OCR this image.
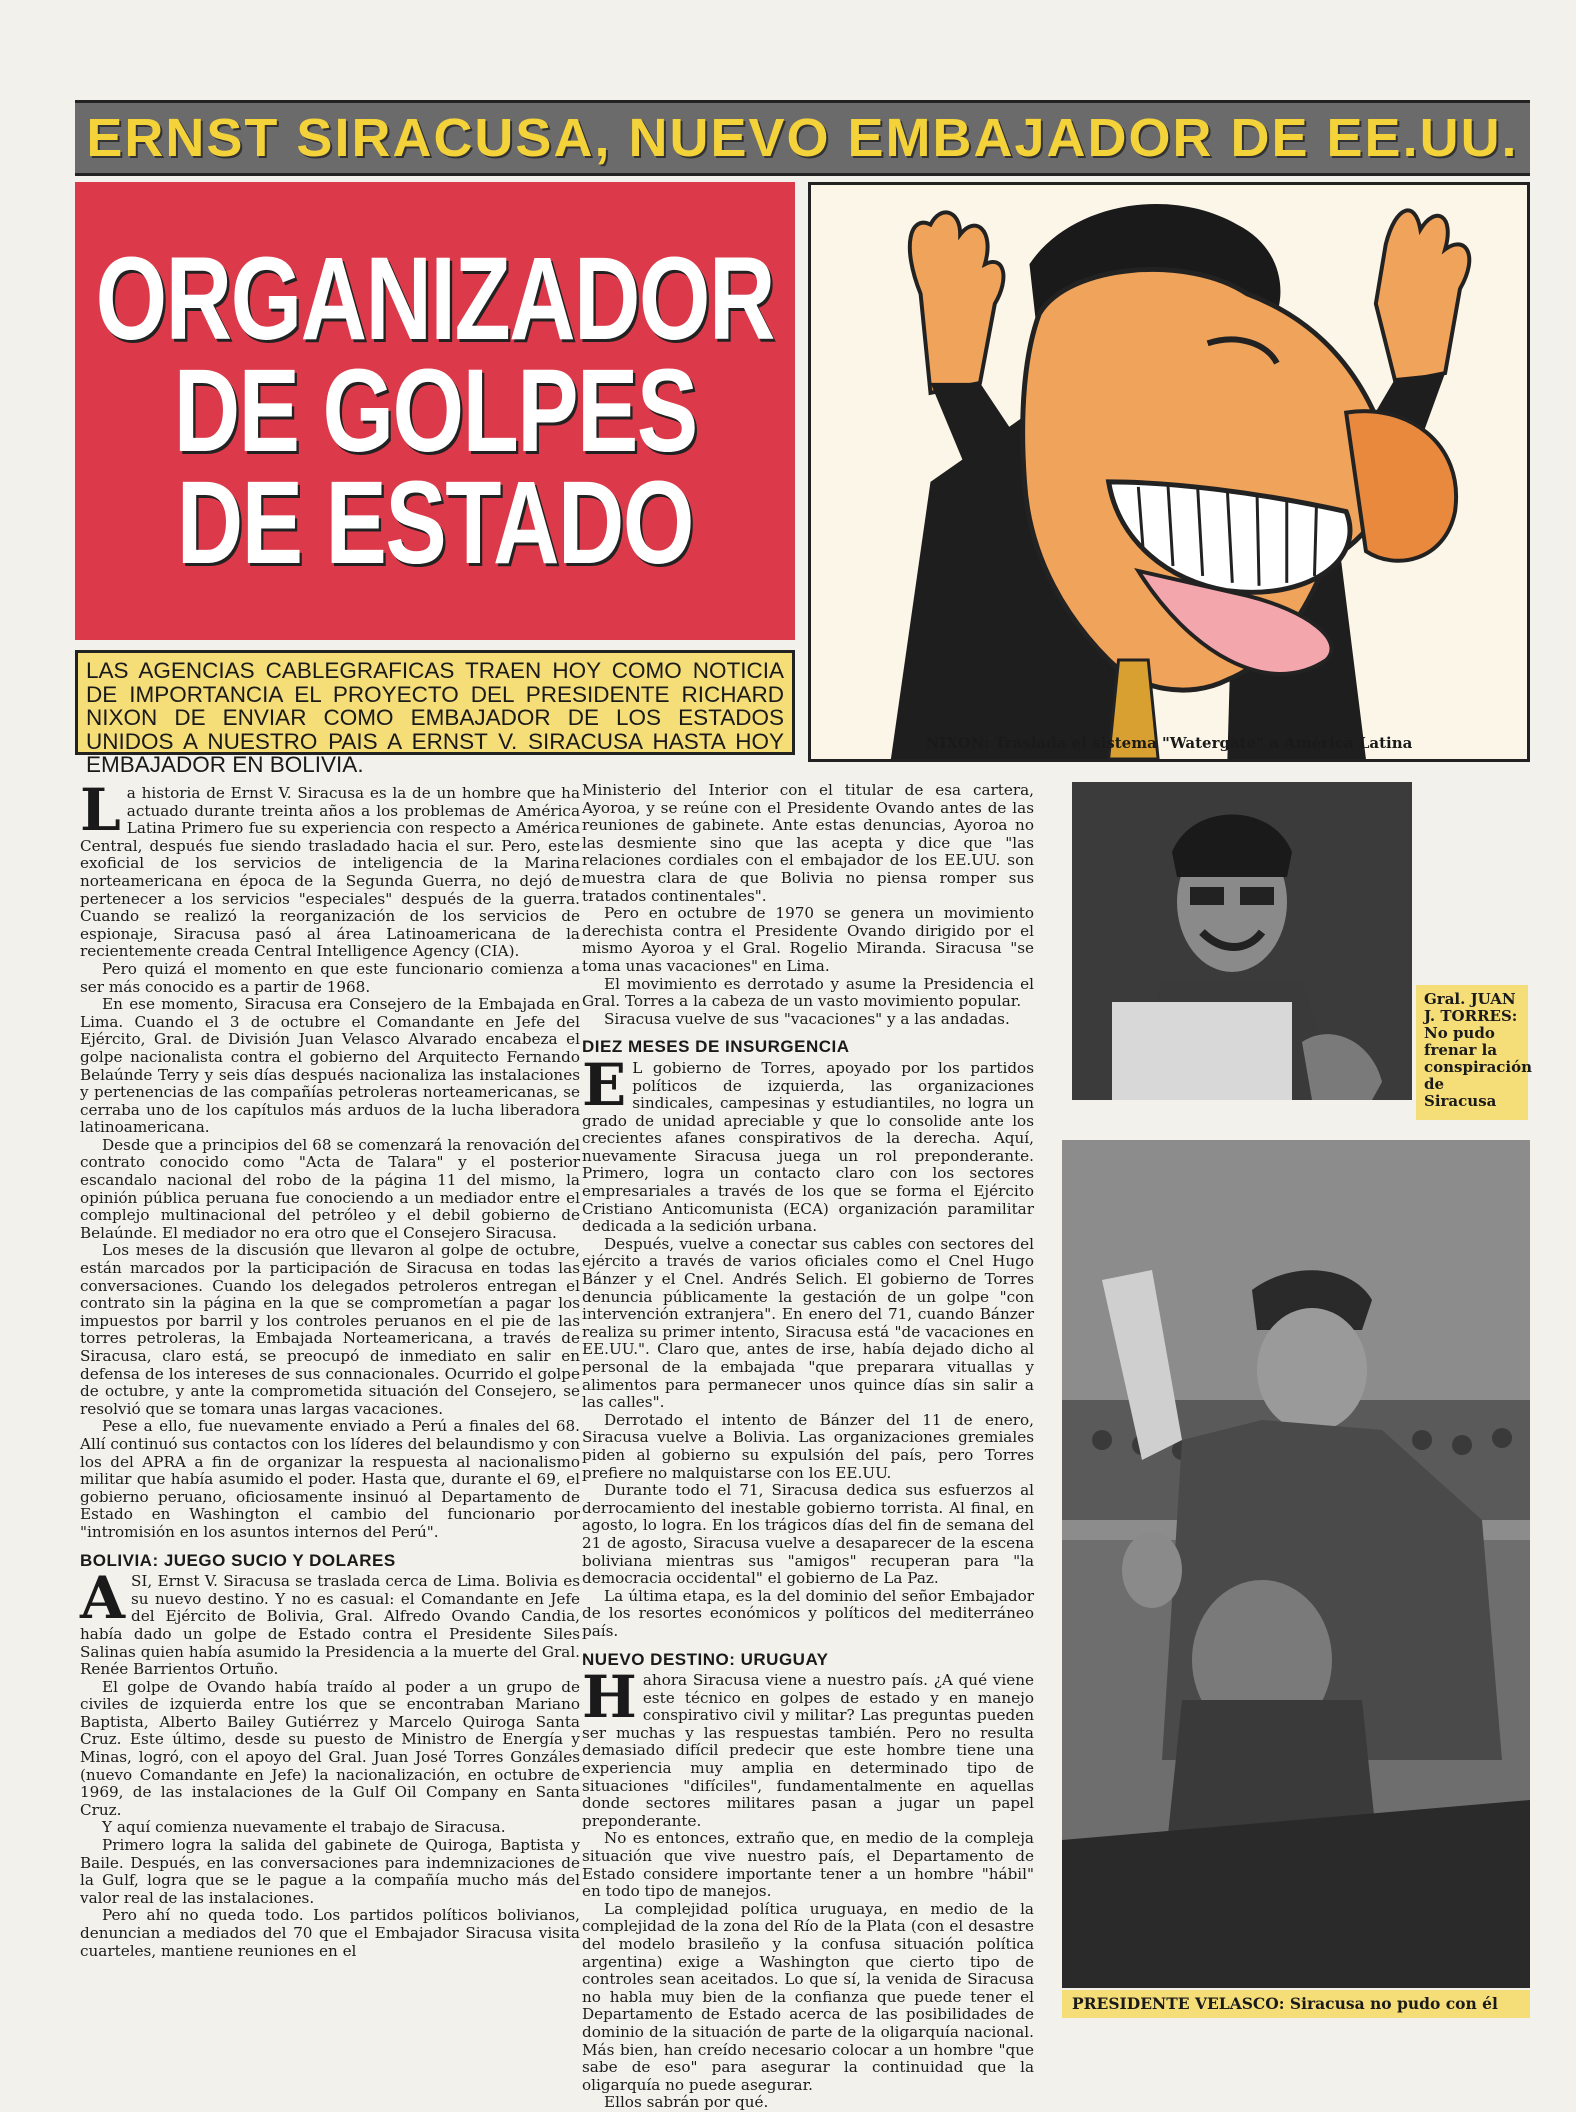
ERNST SIRACUSA, NUEVO EMBAJADOR DE EE.UU.
ORGANIZADOR
DE GOLPES
DE ESTADO
LAS AGENCIAS CABLEGRAFICAS TRAEN HOY COMO NOTICIA DE IMPORTANCIA EL PROYECTO DEL PRESIDENTE RICHARD NIXON DE ENVIAR COMO EMBAJADOR DE LOS ESTADOS UNIDOS A NUESTRO PAIS A ERNST V. SIRACUSA HASTA HOY EMBAJADOR EN BOLIVIA.
NIXON: Traslada el sistema "Watergate" a América Latina

La historia de Ernst V. Siracusa es la de un hombre que ha actuado durante treinta años a los problemas de América Latina Primero fue su experiencia con respecto a América Central, después fue siendo trasladado hacia el sur. Pero, este exoficial de los servicios de inteligencia de la Marina norteamericana en época de la Segunda Guerra, no dejó de pertenecer a los servicios "especiales" después de la guerra. Cuando se realizó la reorganización de los servicios de espionaje, Siracusa pasó al área Latinoamericana de la recientemente creada Central Intelligence Agency (CIA).

Pero quizá el momento en que este funcionario comienza a ser más conocido es a partir de 1968.

En ese momento, Siracusa era Consejero de la Embajada en Lima. Cuando el 3 de octubre el Comandante en Jefe del Ejército, Gral. de División Juan Velasco Alvarado encabeza el golpe nacionalista contra el gobierno del Arquitecto Fernando Belaúnde Terry y seis días después nacionaliza las instalaciones y pertenencias de las compañías petroleras norteamericanas, se cerraba uno de los capítulos más arduos de la lucha liberadora latinoamericana.

Desde que a principios del 68 se comenzará la renovación del contrato conocido como "Acta de Talara" y el posterior escandalo nacional del robo de la página 11 del mismo, la opinión pública peruana fue conociendo a un mediador entre el complejo multinacional del petróleo y el debil gobierno de Belaúnde. El mediador no era otro que el Consejero Siracusa.

Los meses de la discusión que llevaron al golpe de octubre, están marcados por la participación de Siracusa en todas las conversaciones. Cuando los delegados petroleros entregan el contrato sin la página en la que se comprometían a pagar los impuestos por barril y los controles peruanos en el pie de las torres petroleras, la Embajada Norteamericana, a través de Siracusa, claro está, se preocupó de inmediato en salir en defensa de los intereses de sus connacionales. Ocurrido el golpe de octubre, y ante la comprometida situación del Consejero, se resolvió que se tomara unas largas vacaciones.

Pese a ello, fue nuevamente enviado a Perú a finales del 68. Allí continuó sus contactos con los líderes del belaundismo y con los del APRA a fin de organizar la respuesta al nacionalismo militar que había asumido el poder. Hasta que, durante el 69, el gobierno peruano, oficiosamente insinuó al Departamento de Estado en Washington el cambio del funcionario por "intromisión en los asuntos internos del Perú".

BOLIVIA: JUEGO SUCIO Y DOLARES

ASI, Ernst V. Siracusa se traslada cerca de Lima. Bolivia es su nuevo destino. Y no es casual: el Comandante en Jefe del Ejército de Bolivia, Gral. Alfredo Ovando Candia, había dado un golpe de Estado contra el Presidente Siles Salinas quien había asumido la Presidencia a la muerte del Gral. Renée Barrientos Ortuño.

El golpe de Ovando había traído al poder a un grupo de civiles de izquierda entre los que se encontraban Mariano Baptista, Alberto Bailey Gutiérrez y Marcelo Quiroga Santa Cruz. Este último, desde su puesto de Ministro de Energía y Minas, logró, con el apoyo del Gral. Juan José Torres Gonzáles (nuevo Comandante en Jefe) la nacionalización, en octubre de 1969, de las instalaciones de la Gulf Oil Company en Santa Cruz.

Y aquí comienza nuevamente el trabajo de Siracusa.

Primero logra la salida del gabinete de Quiroga, Baptista y Baile. Después, en las conversaciones para indemnizaciones de la Gulf, logra que se le pague a la compañía mucho más del valor real de las instalaciones.

Pero ahí no queda todo. Los partidos políticos bolivianos, denuncian a mediados del 70 que el Embajador Siracusa visita cuarteles, mantiene reuniones en el

Ministerio del Interior con el titular de esa cartera, Ayoroa, y se reúne con el Presidente Ovando antes de las reuniones de gabinete. Ante estas denuncias, Ayoroa no las desmiente sino que las acepta y dice que "las relaciones cordiales con el embajador de los EE.UU. son muestra clara de que Bolivia no piensa romper sus tratados continentales".

Pero en octubre de 1970 se genera un movimiento derechista contra el Presidente Ovando dirigido por el mismo Ayoroa y el Gral. Rogelio Miranda. Siracusa "se toma unas vacaciones" en Lima.

El movimiento es derrotado y asume la Presidencia el Gral. Torres a la cabeza de un vasto movimiento popular.

Siracusa vuelve de sus "vacaciones" y a las andadas.

DIEZ MESES DE INSURGENCIA

E L gobierno de Torres, apoyado por los partidos políticos de izquierda, las organizaciones sindicales, campesinas y estudiantiles, no logra un grado de unidad apreciable y que lo consolide ante los crecientes afanes conspirativos de la derecha. Aquí, nuevamente Siracusa juega un rol preponderante. Primero, logra un contacto claro con los sectores empresariales a través de los que se forma el Ejército Cristiano Anticomunista (ECA) organización paramilitar dedicada a la sedición urbana.

Después, vuelve a conectar sus cables con sectores del ejército a través de varios oficiales como el Cnel Hugo Bánzer y el Cnel. Andrés Selich. El gobierno de Torres denuncia públicamente la gestación de un golpe "con intervención extranjera". En enero del 71, cuando Bánzer realiza su primer intento, Siracusa está "de vacaciones en EE.UU.". Claro que, antes de irse, había dejado dicho al personal de la embajada "que preparara vituallas y alimentos para permanecer unos quince días sin salir a las calles".

Derrotado el intento de Bánzer del 11 de enero, Siracusa vuelve a Bolivia. Las organizaciones gremiales piden al gobierno su expulsión del país, pero Torres prefiere no malquistarse con los EE.UU.

Durante todo el 71, Siracusa dedica sus esfuerzos al derrocamiento del inestable gobierno torrista. Al final, en agosto, lo logra. En los trágicos días del fin de semana del 21 de agosto, Siracusa vuelve a desaparecer de la escena boliviana mientras sus "amigos" recuperan para "la democracia occidental" el gobierno de La Paz.

La última etapa, es la del dominio del señor Embajador de los resortes económicos y políticos del mediterráneo país.

NUEVO DESTINO: URUGUAY

Hahora Siracusa viene a nuestro país. ¿A qué viene este técnico en golpes de estado y en manejo conspirativo civil y militar? Las preguntas pueden ser muchas y las respuestas también. Pero no resulta demasiado difícil predecir que este hombre tiene una experiencia muy amplia en determinado tipo de situaciones "difíciles", fundamentalmente en aquellas donde sectores militares pasan a jugar un papel preponderante.

No es entonces, extraño que, en medio de la compleja situación que vive nuestro país, el Departamento de Estado considere importante tener a un hombre "hábil" en todo tipo de manejos.

La complejidad política uruguaya, en medio de la complejidad de la zona del Río de la Plata (con el desastre del modelo brasileño y la confusa situación política argentina) exige a Washington que cierto tipo de controles sean aceitados. Lo que sí, la venida de Siracusa no habla muy bien de la confianza que puede tener el Departamento de Estado acerca de las posibilidades de dominio de la situación de parte de la oligarquía nacional. Más bien, han creído necesario colocar a un hombre "que sabe de eso" para asegurar la continuidad que la oligarquía no puede asegurar.

Ellos sabrán por qué.

Gral. JUAN J. TORRES: No pudo frenar la conspiración de Siracusa
PRESIDENTE VELASCO: Siracusa no pudo con él
